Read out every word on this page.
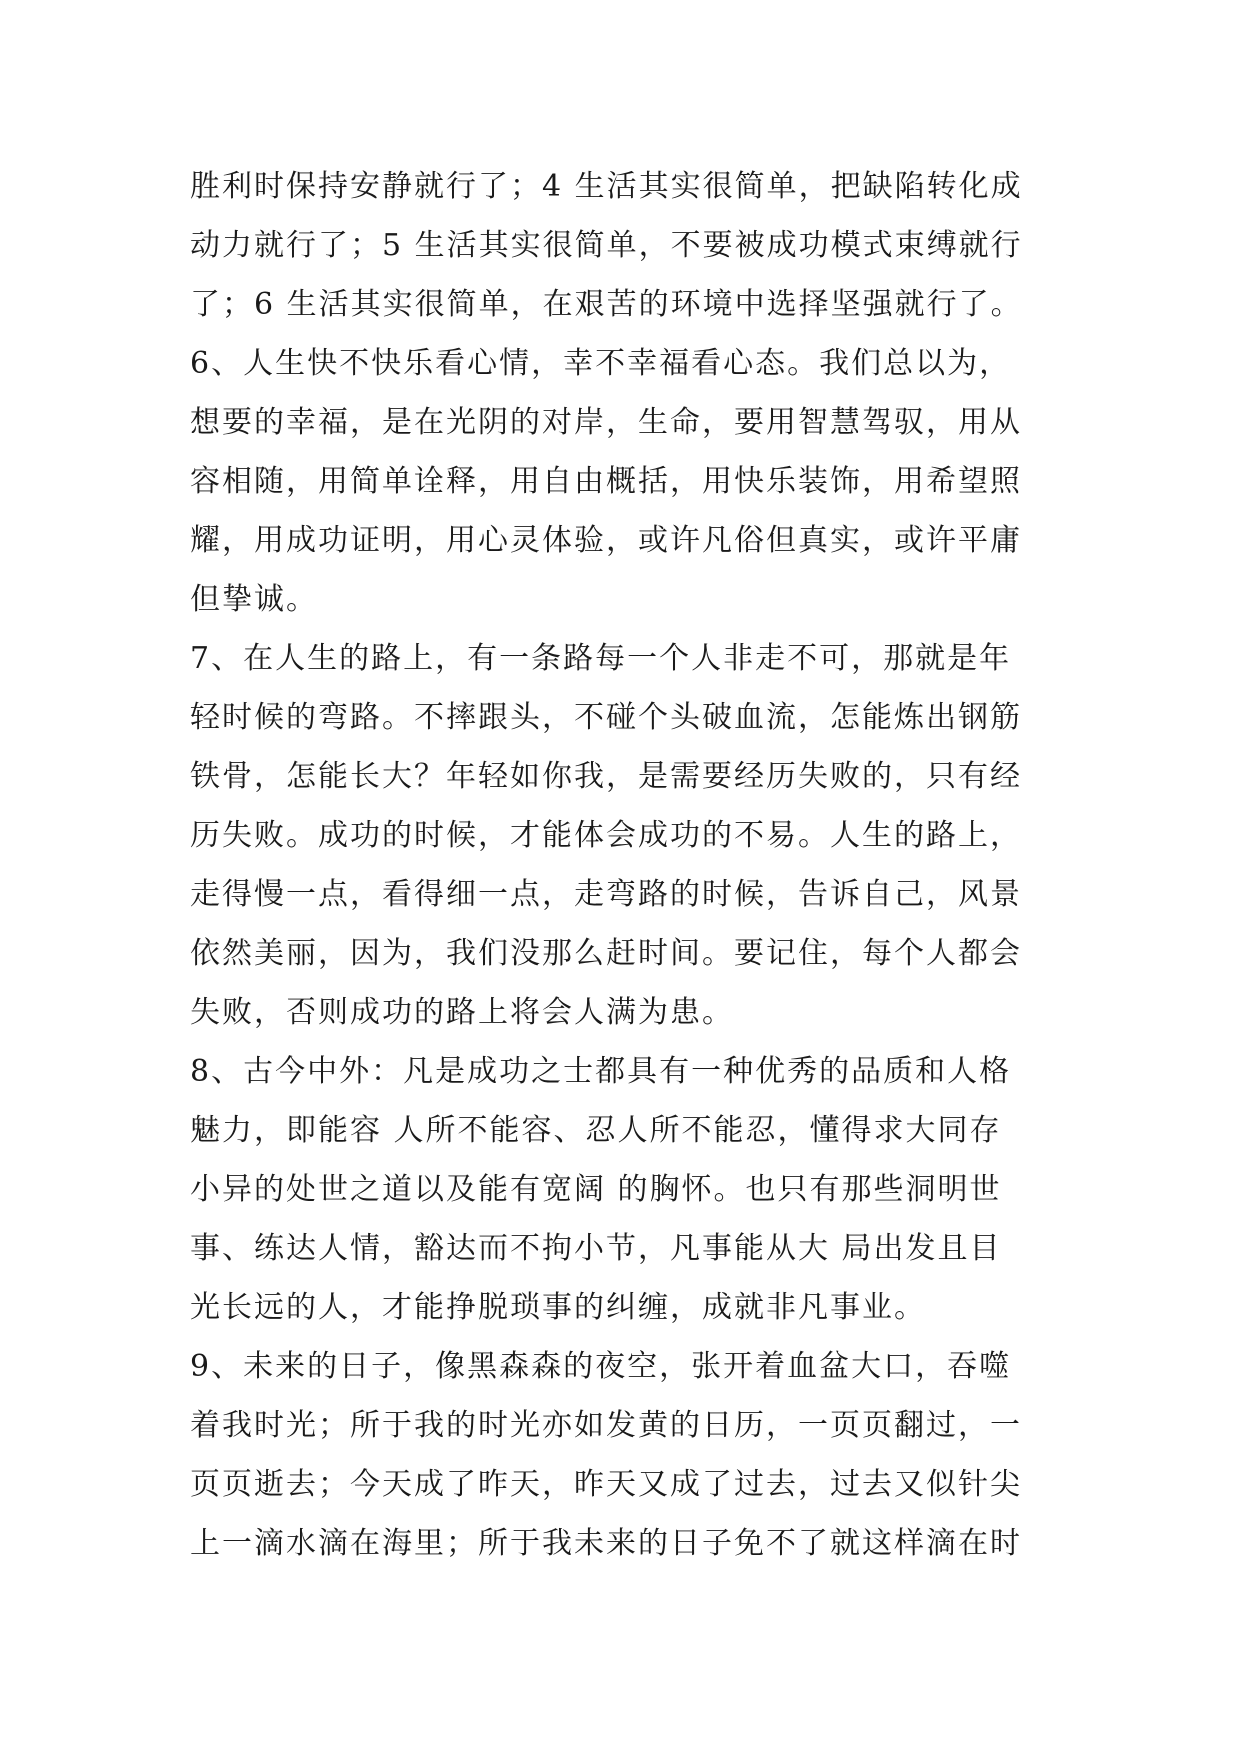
胜利时保持安静就行了；4 生活其实很简单，把缺陷转化成
动力就行了；5 生活其实很简单，不要被成功模式束缚就行
了；6 生活其实很简单，在艰苦的环境中选择坚强就行了。
6、人生快不快乐看心情，幸不幸福看心态。我们总以为，
想要的幸福，是在光阴的对岸，生命，要用智慧驾驭，用从
容相随，用简单诠释，用自由概括，用快乐装饰，用希望照
耀，用成功证明，用心灵体验，或许凡俗但真实，或许平庸
但挚诚。
7、在人生的路上，有一条路每一个人非走不可，那就是年
轻时候的弯路。不摔跟头，不碰个头破血流，怎能炼出钢筋
铁骨，怎能长大？年轻如你我，是需要经历失败的，只有经
历失败。成功的时候，才能体会成功的不易。人生的路上，
走得慢一点，看得细一点，走弯路的时候，告诉自己，风景
依然美丽，因为，我们没那么赶时间。要记住，每个人都会
失败，否则成功的路上将会人满为患。
8、古今中外：凡是成功之士都具有一种优秀的品质和人格
魅力，即能容 人所不能容、忍人所不能忍，懂得求大同存
小异的处世之道以及能有宽阔 的胸怀。也只有那些洞明世
事、练达人情，豁达而不拘小节，凡事能从大 局出发且目
光长远的人，才能挣脱琐事的纠缠，成就非凡事业。
9、未来的日子，像黑森森的夜空，张开着血盆大口，吞噬
着我时光；所于我的时光亦如发黄的日历，一页页翻过，一
页页逝去；今天成了昨天，昨天又成了过去，过去又似针尖
上一滴水滴在海里；所于我未来的日子免不了就这样滴在时
